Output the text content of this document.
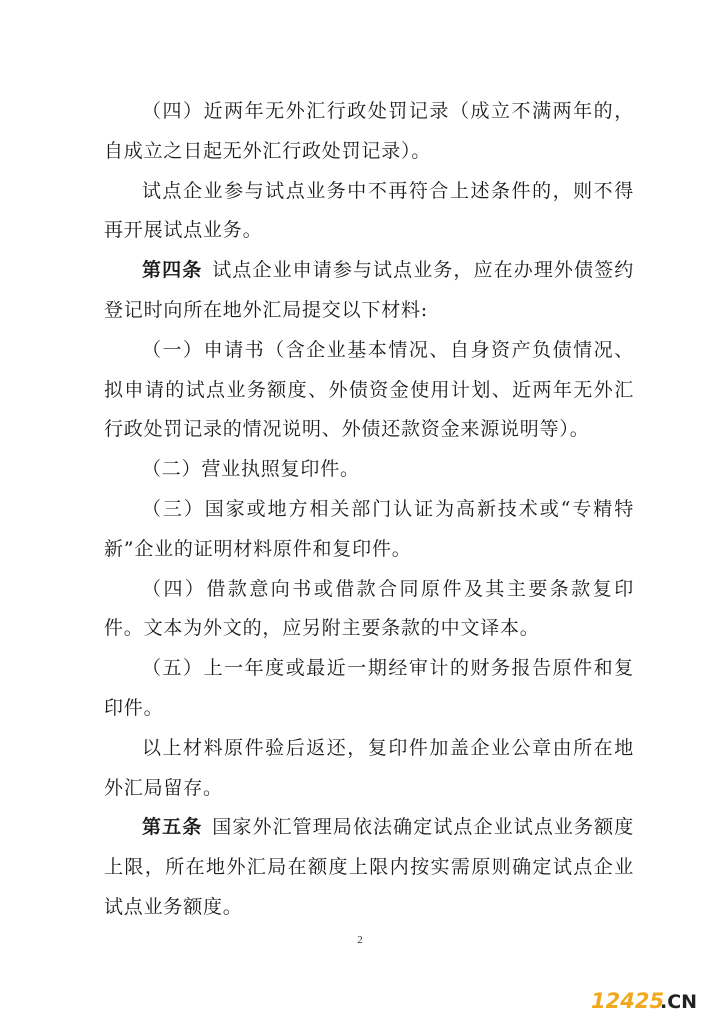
（四）近两年无外汇行政处罚记录（成立不满两年的，自成立之日起无外汇行政处罚记录）。

试点企业参与试点业务中不再符合上述条件的，则不得再开展试点业务。

第四条 试点企业申请参与试点业务，应在办理外债签约登记时向所在地外汇局提交以下材料:

（一）申请书（含企业基本情况、自身资产负债情况、拟申请的试点业务额度、外债资金使用计划、近两年无外汇行政处罚记录的情况说明、外债还款资金来源说明等）。

（二）营业执照复印件。

（三）国家或地方相关部门认证为高新技术或“专精特新”企业的证明材料原件和复印件。

（四）借款意向书或借款合同原件及其主要条款复印件。文本为外文的，应另附主要条款的中文译本。

（五）上一年度或最近一期经审计的财务报告原件和复印件。

以上材料原件验后返还，复印件加盖企业公章由所在地外汇局留存。

第五条 国家外汇管理局依法确定试点企业试点业务额度上限，所在地外汇局在额度上限内按实需原则确定试点企业试点业务额度。

2
12425
.CN
